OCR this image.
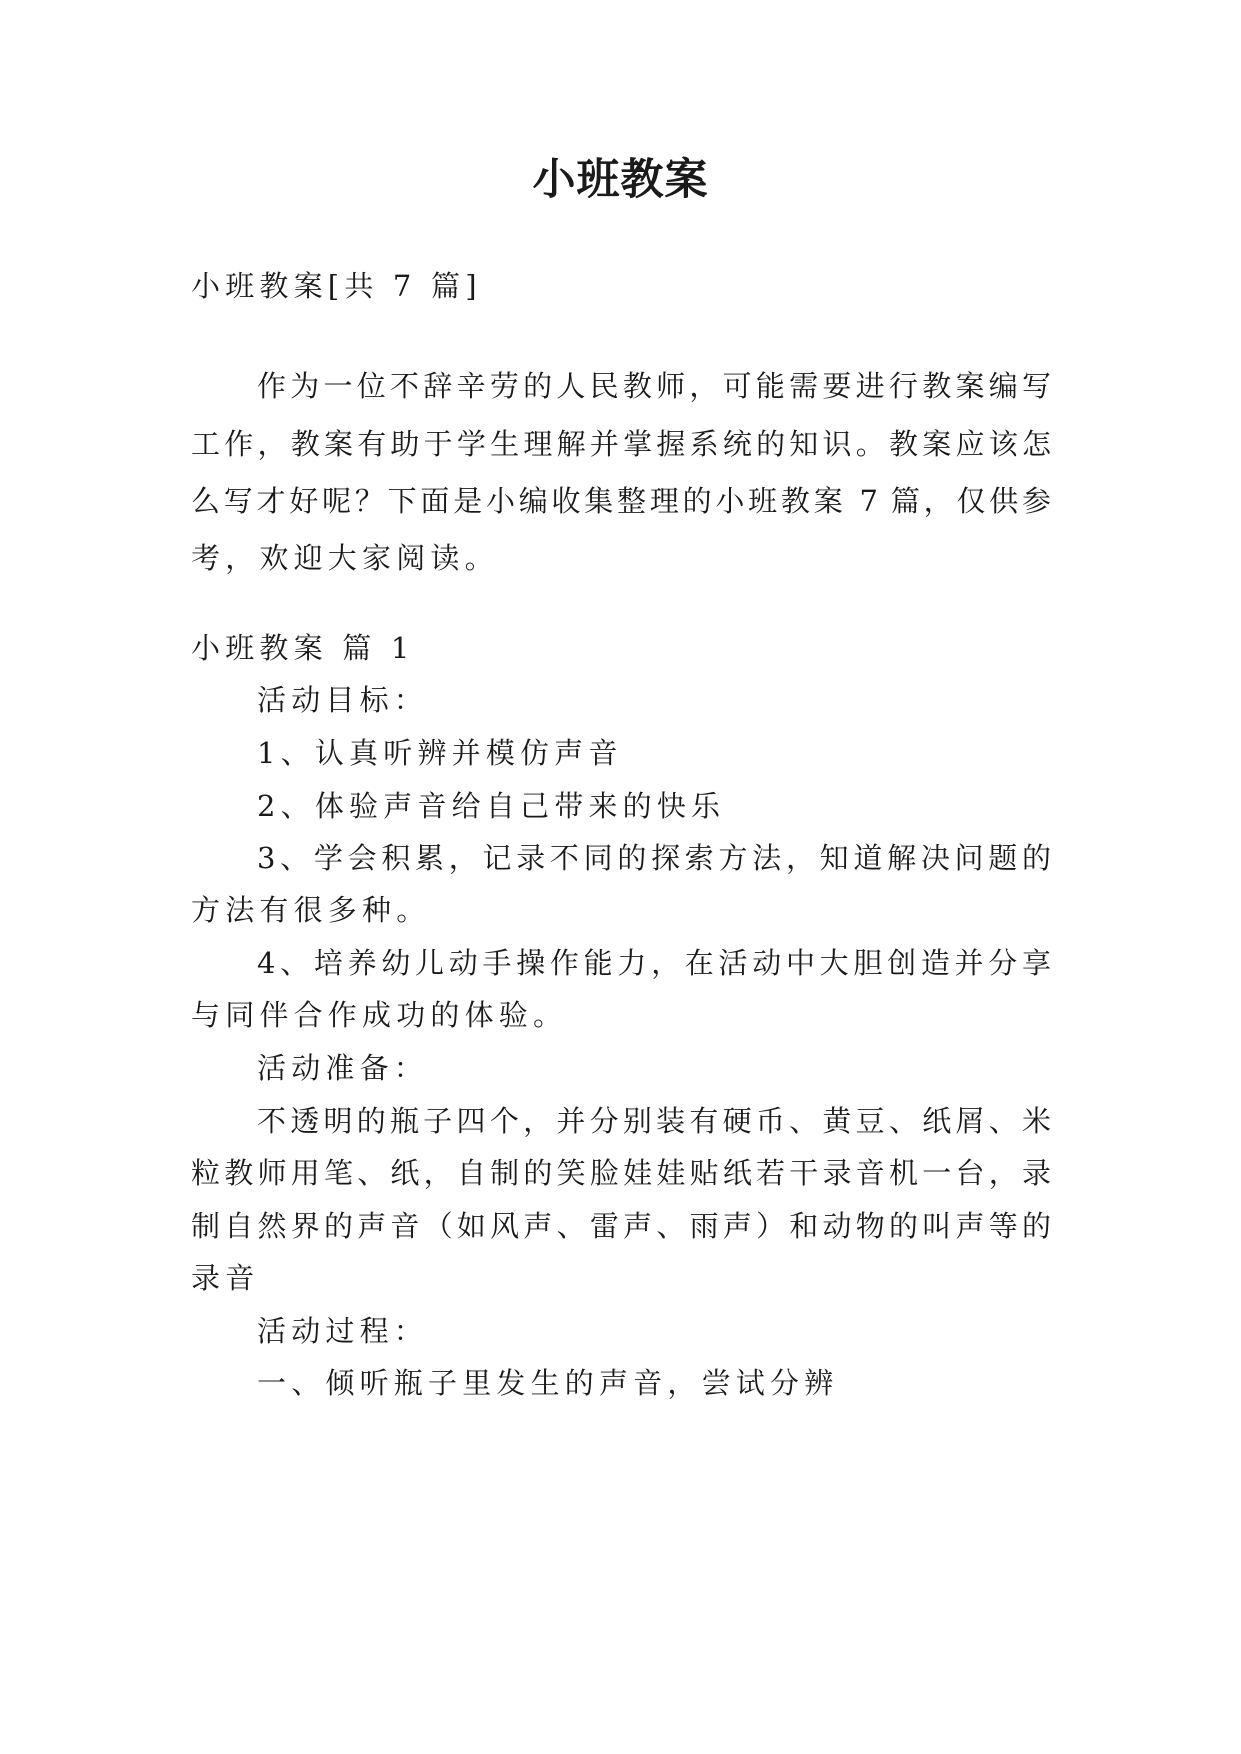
小班教案
小班教案[共 7 篇]
作为一位不辞辛劳的人民教师，可能需要进行教案编写
工作，教案有助于学生理解并掌握系统的知识。教案应该怎
么写才好呢？下面是小编收集整理的小班教案 7 篇，仅供参
考，欢迎大家阅读。
小班教案 篇 1
活动目标：
1、认真听辨并模仿声音
2、体验声音给自己带来的快乐
3、学会积累，记录不同的探索方法，知道解决问题的
方法有很多种。
4、培养幼儿动手操作能力，在活动中大胆创造并分享
与同伴合作成功的体验。
活动准备：
不透明的瓶子四个，并分别装有硬币、黄豆、纸屑、米
粒教师用笔、纸，自制的笑脸娃娃贴纸若干录音机一台，录
制自然界的声音（如风声、雷声、雨声）和动物的叫声等的
录音
活动过程：
一、倾听瓶子里发生的声音，尝试分辨
